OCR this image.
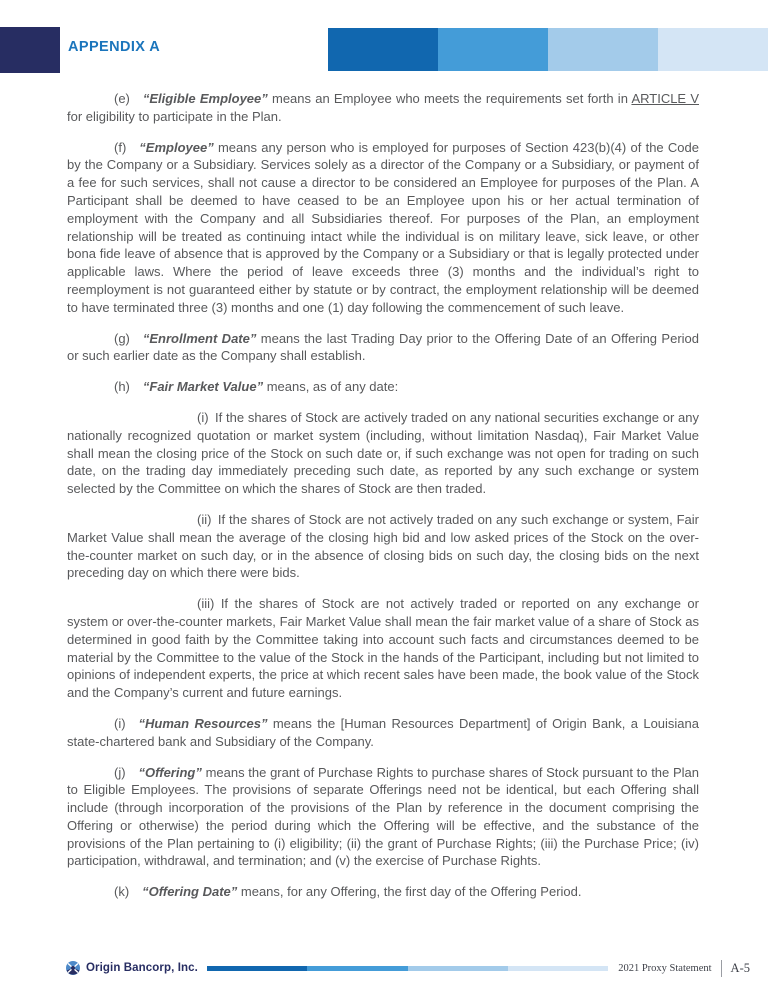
APPENDIX A

(e) “Eligible Employee” means an Employee who meets the requirements set forth in ARTICLE V for eligibility to participate in the Plan.

(f) “Employee” means any person who is employed for purposes of Section 423(b)(4) of the Code by the Company or a Subsidiary. Services solely as a director of the Company or a Subsidiary, or payment of a fee for such services, shall not cause a director to be considered an Employee for purposes of the Plan. A Participant shall be deemed to have ceased to be an Employee upon his or her actual termination of employment with the Company and all Subsidiaries thereof. For purposes of the Plan, an employment relationship will be treated as continuing intact while the individual is on military leave, sick leave, or other bona fide leave of absence that is approved by the Company or a Subsidiary or that is legally protected under applicable laws. Where the period of leave exceeds three (3) months and the individual’s right to reemployment is not guaranteed either by statute or by contract, the employment relationship will be deemed to have terminated three (3) months and one (1) day following the commencement of such leave.

(g) “Enrollment Date” means the last Trading Day prior to the Offering Date of an Offering Period or such earlier date as the Company shall establish.

(h) “Fair Market Value” means, as of any date:

(i) If the shares of Stock are actively traded on any national securities exchange or any nationally recognized quotation or market system (including, without limitation Nasdaq), Fair Market Value shall mean the closing price of the Stock on such date or, if such exchange was not open for trading on such date, on the trading day immediately preceding such date, as reported by any such exchange or system selected by the Committee on which the shares of Stock are then traded.

(ii) If the shares of Stock are not actively traded on any such exchange or system, Fair Market Value shall mean the average of the closing high bid and low asked prices of the Stock on the over-the-counter market on such day, or in the absence of closing bids on such day, the closing bids on the next preceding day on which there were bids.

(iii) If the shares of Stock are not actively traded or reported on any exchange or system or over-the-counter markets, Fair Market Value shall mean the fair market value of a share of Stock as determined in good faith by the Committee taking into account such facts and circumstances deemed to be material by the Committee to the value of the Stock in the hands of the Participant, including but not limited to opinions of independent experts, the price at which recent sales have been made, the book value of the Stock and the Company’s current and future earnings.

(i) “Human Resources” means the [Human Resources Department] of Origin Bank, a Louisiana state-chartered bank and Subsidiary of the Company.

(j) “Offering” means the grant of Purchase Rights to purchase shares of Stock pursuant to the Plan to Eligible Employees. The provisions of separate Offerings need not be identical, but each Offering shall include (through incorporation of the provisions of the Plan by reference in the document comprising the Offering or otherwise) the period during which the Offering will be effective, and the substance of the provisions of the Plan pertaining to (i) eligibility; (ii) the grant of Purchase Rights; (iii) the Purchase Price; (iv) participation, withdrawal, and termination; and (v) the exercise of Purchase Rights.

(k) “Offering Date” means, for any Offering, the first day of the Offering Period.

Origin Bancorp, Inc.	2021 Proxy Statement A-5
